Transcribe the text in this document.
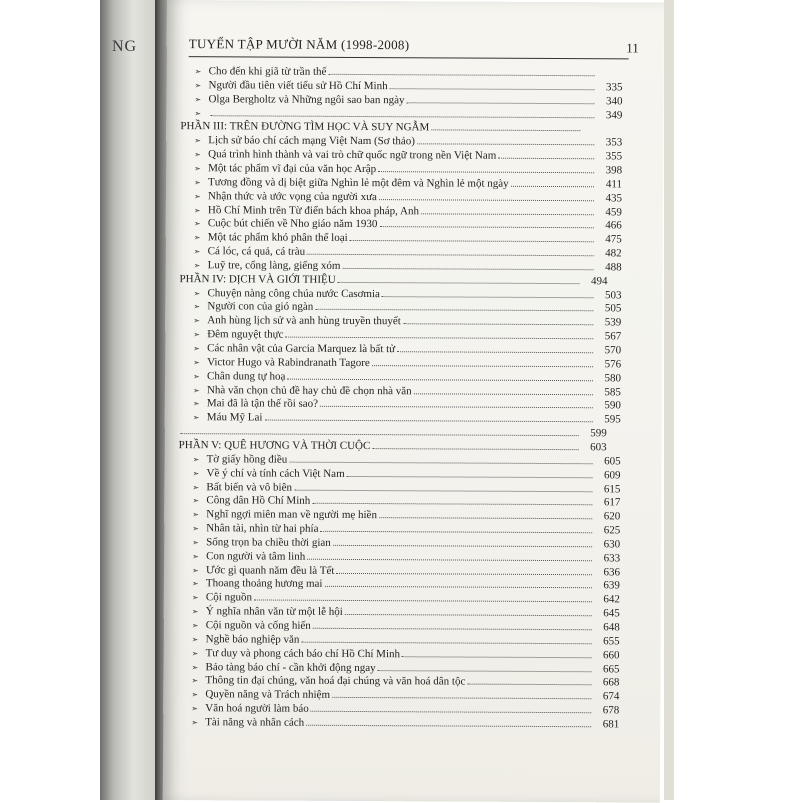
NG	TUYỂN TẬP MƯỜI NĂM (1998-2008)	11
➣ Cho đến khi giã từ trần thế
➣ Người đầu tiên viết tiểu sử Hồ Chí Minh	335
➣ Olga Bergholtz và Những ngôi sao ban ngày	340
➣	349
PHẦN III: TRÊN ĐƯỜNG TÌM HỌC VÀ SUY NGẪM
➣ Lịch sử báo chí cách mạng Việt Nam (Sơ thảo)	353
➣ Quá trình hình thành và vai trò chữ quốc ngữ trong nền Việt Nam	355
➣ Một tác phẩm vĩ đại của văn học Arập	398
➣ Tương đồng và dị biệt giữa Nghìn lẻ một đêm và Nghìn lẻ một ngày	411
➣ Nhận thức và ước vọng của người xưa	435
➣ Hồ Chí Minh trên Từ điển bách khoa pháp, Anh	459
➣ Cuộc bút chiến về Nho giáo năm 1930	466
➣ Một tác phẩm khó phân thể loại	475
➣ Cá lóc, cá quả, cá tràu	482
➣ Luỹ tre, cổng làng, giếng xóm	488
PHẦN IV: DỊCH VÀ GIỚI THIỆU	494
➣ Chuyện nàng công chúa nước Casơmia	503
➣ Người con của gió ngàn	505
➣ Anh hùng lịch sử và anh hùng truyền thuyết	539
➣ Đêm nguyệt thực	567
➣ Các nhân vật của Garcia Marquez là bất tử	570
➣ Victor Hugo và Rabindranath Tagore	576
➣ Chân dung tự hoạ	580
➣ Nhà văn chọn chủ đề hay chủ đề chọn nhà văn	585
➣ Mai đã là tận thế rồi sao?	590
➣ Máu Mỹ Lai	595
599
PHẦN V: QUÊ HƯƠNG VÀ THỜI CUỘC	603
➣ Tờ giấy hồng điều	605
➣ Về ý chí và tính cách Việt Nam	609
➣ Bất biến và vô biên	615
➣ Công dân Hồ Chí Minh	617
➣ Nghĩ ngợi miên man về người mẹ hiền	620
➣ Nhân tài, nhìn từ hai phía	625
➣ Sống trọn ba chiều thời gian	630
➣ Con người và tâm linh	633
➣ Ước gì quanh năm đều là Tết	636
➣ Thoang thoảng hương mai	639
➣ Cội nguồn	642
➣ Ý nghĩa nhân văn từ một lễ hội	645
➣ Cội nguồn và cống hiến	648
➣ Nghề báo nghiệp văn	655
➣ Tư duy và phong cách báo chí Hồ Chí Minh	660
➣ Bảo tàng báo chí - cần khởi động ngay	665
➣ Thông tin đại chúng, văn hoá đại chúng và văn hoá dân tộc	668
➣ Quyền năng và Trách nhiệm	674
➣ Văn hoá người làm báo	678
➣ Tài năng và nhân cách	681
